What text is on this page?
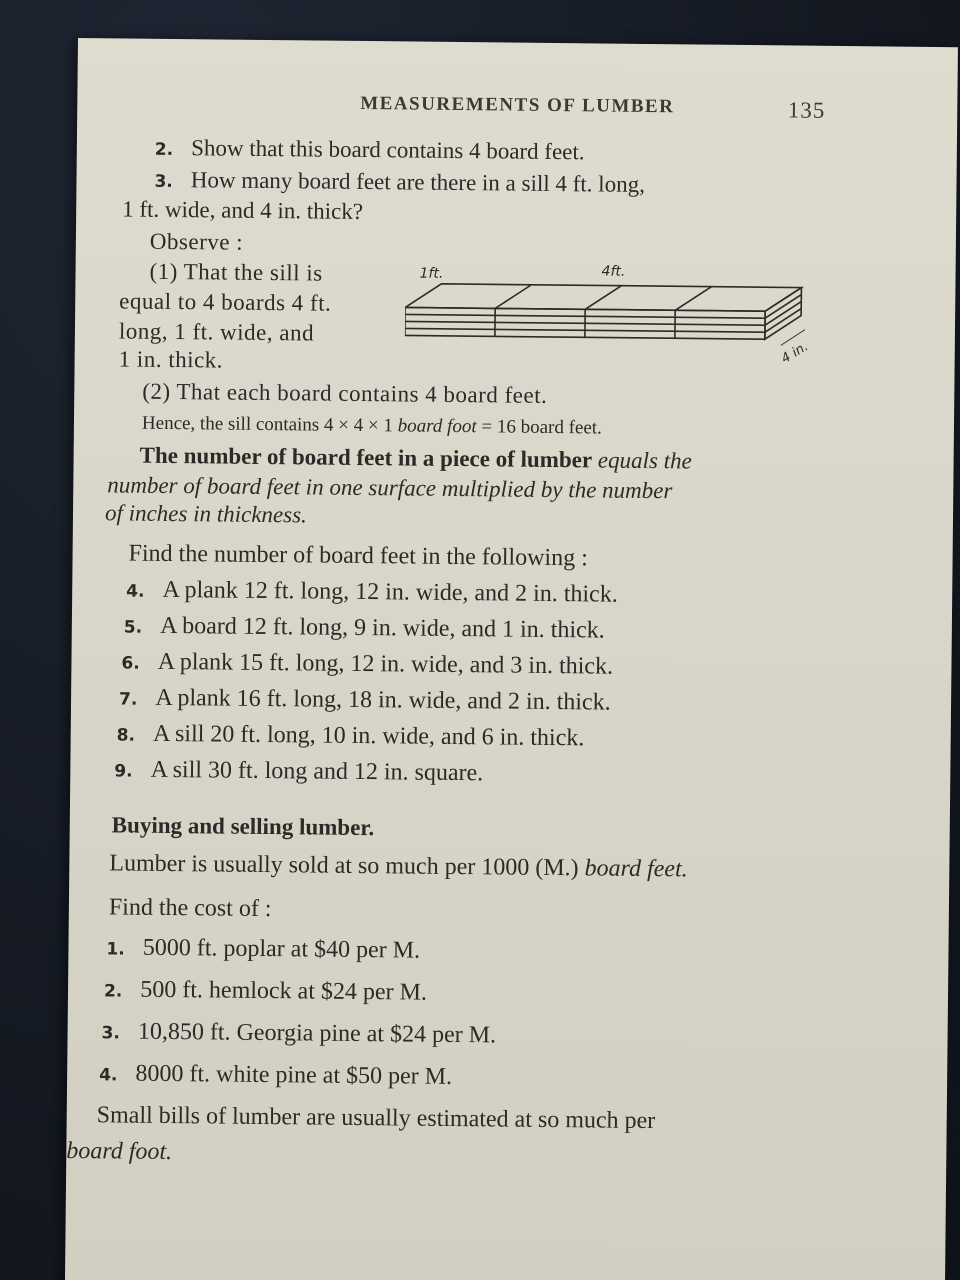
MEASUREMENTS OF LUMBER	135
2. Show that this board contains 4 board feet.
3. How many board feet are there in a sill 4 ft. long,
1 ft. wide, and 4 in. thick?
Observe :
(1) That the sill is
equal to 4 boards 4 ft.
long, 1 ft. wide, and
1 in. thick.
1ft.	4ft.
4 in.
(2) That each board contains 4 board feet.
Hence, the sill contains 4 × 4 × 1 board foot = 16 board feet.
The number of board feet in a piece of lumber equals the
number of board feet in one surface multiplied by the number
of inches in thickness.
Find the number of board feet in the following :
4. A plank 12 ft. long, 12 in. wide, and 2 in. thick.
5. A board 12 ft. long, 9 in. wide, and 1 in. thick.
6. A plank 15 ft. long, 12 in. wide, and 3 in. thick.
7. A plank 16 ft. long, 18 in. wide, and 2 in. thick.
8. A sill 20 ft. long, 10 in. wide, and 6 in. thick.
9. A sill 30 ft. long and 12 in. square.
Buying and selling lumber.
Lumber is usually sold at so much per 1000 (M.) board feet.
Find the cost of :
1. 5000 ft. poplar at $40 per M.
2. 500 ft. hemlock at $24 per M.
3. 10,850 ft. Georgia pine at $24 per M.
4. 8000 ft. white pine at $50 per M.
Small bills of lumber are usually estimated at so much per
board foot.
